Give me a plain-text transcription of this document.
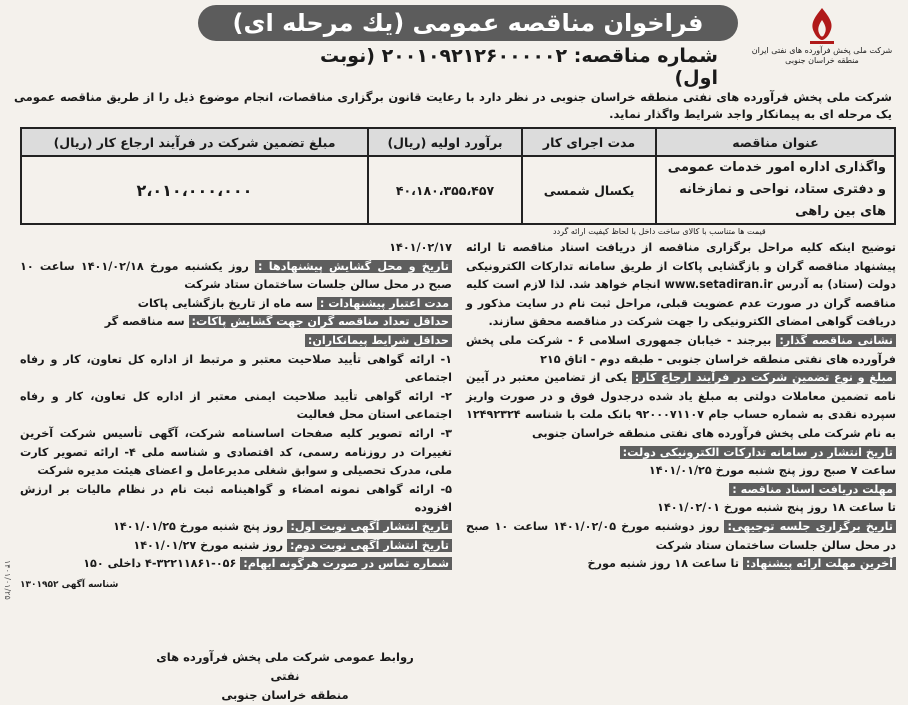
شرکت ملی پخش فرآورده های نفتی ایران
منطقه خراسان جنوبی
فراخوان مناقصه عمومی (یك مرحله ای)
شماره مناقصه: ۲۰۰۱۰۹۲۱۲۶۰۰۰۰۰۲ (نوبت اول)
شرکت ملی پخش فرآورده های نفتی منطقه خراسان جنوبی در نظر دارد با رعایت قانون برگزاری مناقصات، انجام موضوع ذیل را از طریق مناقصه عمومی یک مرحله ای به پیمانکار واجد شرایط واگذار نماید.
عنوان مناقصه	مدت اجرای کار	برآورد اولیه (ریال)	مبلغ تضمین شرکت در فرآیند ارجاع کار (ریال)
واگذاری اداره امور خدمات عمومی و دفتری ستاد، نواحی و نمازخانه های بین راهی	یکسال شمسی	۴۰،۱۸۰،۳۵۵،۴۵۷	۲،۰۱۰،۰۰۰،۰۰۰
قیمت ها متناسب با کالای ساخت داخل با لحاظ کیفیت ارائه گردد
توضیح اینکه کلیه مراحل برگزاری مناقصه از دریافت اسناد مناقصه تا ارائه پیشنهاد مناقصه گران و بازگشایی پاکات از طریق سامانه تدارکات الکترونیکی دولت (ستاد) به آدرس www.setadiran.ir انجام خواهد شد. لذا لازم است کلیه مناقصه گران در صورت عدم عضویت قبلی، مراحل ثبت نام در سایت مذکور و دریافت گواهی امضای الکترونیکی را جهت شرکت در مناقصه محقق سازند.
نشانی مناقصه گذار: بیرجند - خیابان جمهوری اسلامی ۶ - شرکت ملی پخش فرآورده های نفتی منطقه خراسان جنوبی - طبقه دوم - اتاق ۲۱۵
مبلغ و نوع تضمین شرکت در فرآیند ارجاع کار: یکی از تضامین معتبر در آیین نامه تضمین معاملات دولتی به مبلغ یاد شده درجدول فوق و در صورت واریز سپرده نقدی به شماره حساب جام ۹۲۰۰۰۷۱۱۰۷ بانک ملت با شناسه ۱۲۴۹۲۳۲۴ به نام شرکت ملی پخش فرآورده های نفتی منطقه خراسان جنوبی
تاریخ انتشار در سامانه تدارکات الکترونیکی دولت:
ساعت ۷ صبح روز پنج شنبه مورخ ۱۴۰۱/۰۱/۲۵
مهلت دریافت اسناد مناقصه :
تا ساعت ۱۸ روز پنج شنبه مورخ ۱۴۰۱/۰۲/۰۱
تاریخ برگزاری جلسه توجیهی: روز دوشنبه مورخ ۱۴۰۱/۰۲/۰۵ ساعت ۱۰ صبح در محل سالن جلسات ساختمان ستاد شرکت
آخرین مهلت ارائه پیشنهاد: تا ساعت ۱۸ روز شنبه مورخ
۱۴۰۱/۰۲/۱۷
تاریخ و محل گشایش پیشنهادها : روز یکشنبه مورخ ۱۴۰۱/۰۲/۱۸ ساعت ۱۰ صبح در محل سالن جلسات ساختمان ستاد شرکت
مدت اعتبار پیشنهادات : سه ماه از تاریخ بازگشایی پاکات
حداقل تعداد مناقصه گران جهت گشایش پاکات: سه مناقصه گر
حداقل شرایط پیمانکاران:
۱- ارائه گواهی تأیید صلاحیت معتبر و مرتبط از اداره کل تعاون، کار و رفاه اجتماعی
۲- ارائه گواهی تأیید صلاحیت ایمنی معتبر از اداره کل تعاون، کار و رفاه اجتماعی استان محل فعالیت
۳- ارائه تصویر کلیه صفحات اساسنامه شرکت، آگهی تأسیس شرکت آخرین تغییرات در روزنامه رسمی، کد اقتصادی و شناسه ملی ۴- ارائه تصویر کارت ملی، مدرک تحصیلی و سوابق شغلی مدیرعامل و اعضای هیئت مدیره شرکت
۵- ارائه گواهی نمونه امضاء و گواهینامه ثبت نام در نظام مالیات بر ارزش افزوده
تاریخ انتشار آگهی نوبت اول: روز پنج شنبه مورخ ۱۴۰۱/۰۱/۲۵
تاریخ انتشار آگهی نوبت دوم: روز شنبه مورخ ۱۴۰۱/۰۱/۲۷
شماره تماس در صورت هرگونه ابهام: ۰۵۶-۳۲۲۱۱۸۶۱-۴ داخلی ۱۵۰
شناسه آگهی ۱۳۰۱۹۵۲
روابط عمومی شرکت ملی پخش فرآورده های نفتی
منطقه خراسان جنوبی
۱۴۰۱/۰۱/۲۵
